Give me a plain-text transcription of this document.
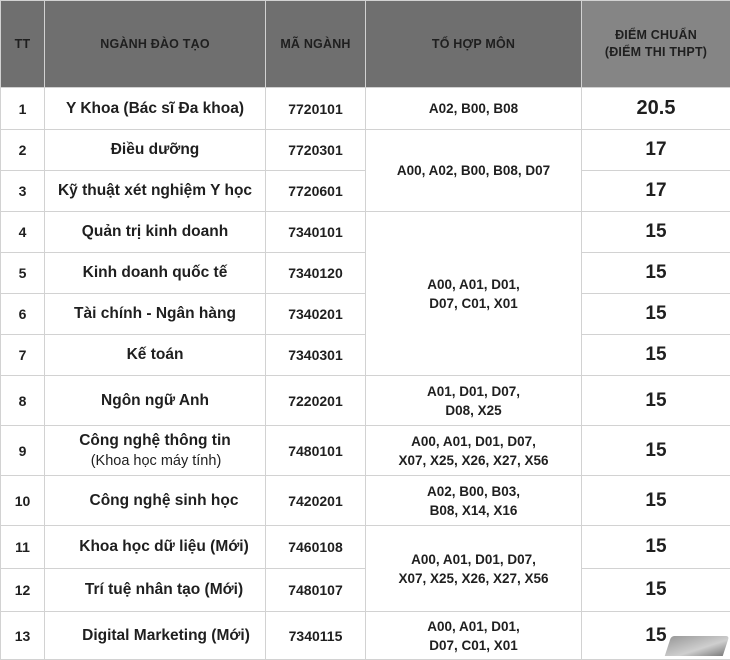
TT	NGÀNH ĐÀO TẠO	MÃ NGÀNH	TỔ HỢP MÔN	ĐIỂM CHUẨN
(ĐIỂM THI THPT)

1	Y Khoa (Bác sĩ Đa khoa)	7720101	A02, B00, B08	20.5
2	Điều dưỡng	7720301	A00, A02, B00, B08, D07	17
3	Kỹ thuật xét nghiệm Y học	7720601		17
4	Quản trị kinh doanh	7340101	A00, A01, D01,
D07, C01, X01	15
5	Kinh doanh quốc tế	7340120		15
6	Tài chính - Ngân hàng	7340201		15
7	Kế toán	7340301		15
8	Ngôn ngữ Anh	7220201	A01, D01, D07,
D08, X25	15
9	Công nghệ thông tin
(Khoa học máy tính)	7480101	A00, A01, D01, D07,
X07, X25, X26, X27, X56	15
10	Công nghệ sinh học	7420201	A02, B00, B03,
B08, X14, X16	15
11	Khoa học dữ liệu (Mới)	7460108	A00, A01, D01, D07,
X07, X25, X26, X27, X56	15
12	Trí tuệ nhân tạo (Mới)	7480107		15
13	Digital Marketing (Mới)	7340115	A00, A01, D01,
D07, C01, X01	15
